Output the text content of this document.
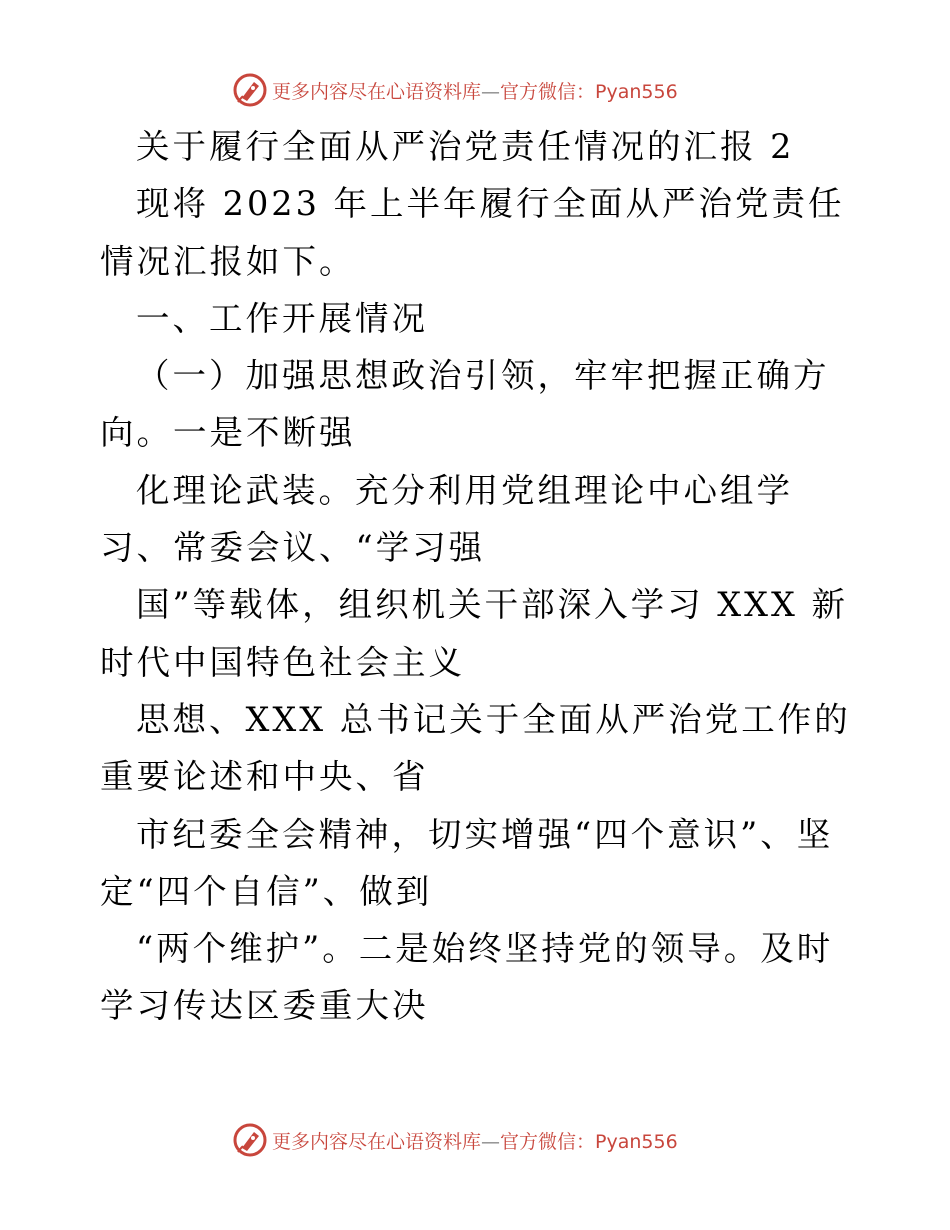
更多内容尽在心语资料库—官方微信：Pyan556

关于履行全面从严治党责任情况的汇报 2

现将 2023 年上半年履行全面从严治党责任情况汇报如下。

一、工作开展情况

（一）加强思想政治引领，牢牢把握正确方向。一是不断强

化理论武装。充分利用党组理论中心组学习、常委会议、“学习强

国”等载体，组织机关干部深入学习 XXX 新时代中国特色社会主义

思想、XXX 总书记关于全面从严治党工作的重要论述和中央、省

市纪委全会精神，切实增强“四个意识”、坚定“四个自信”、做到

“两个维护”。二是始终坚持党的领导。及时学习传达区委重大决

更多内容尽在心语资料库—官方微信：Pyan556
